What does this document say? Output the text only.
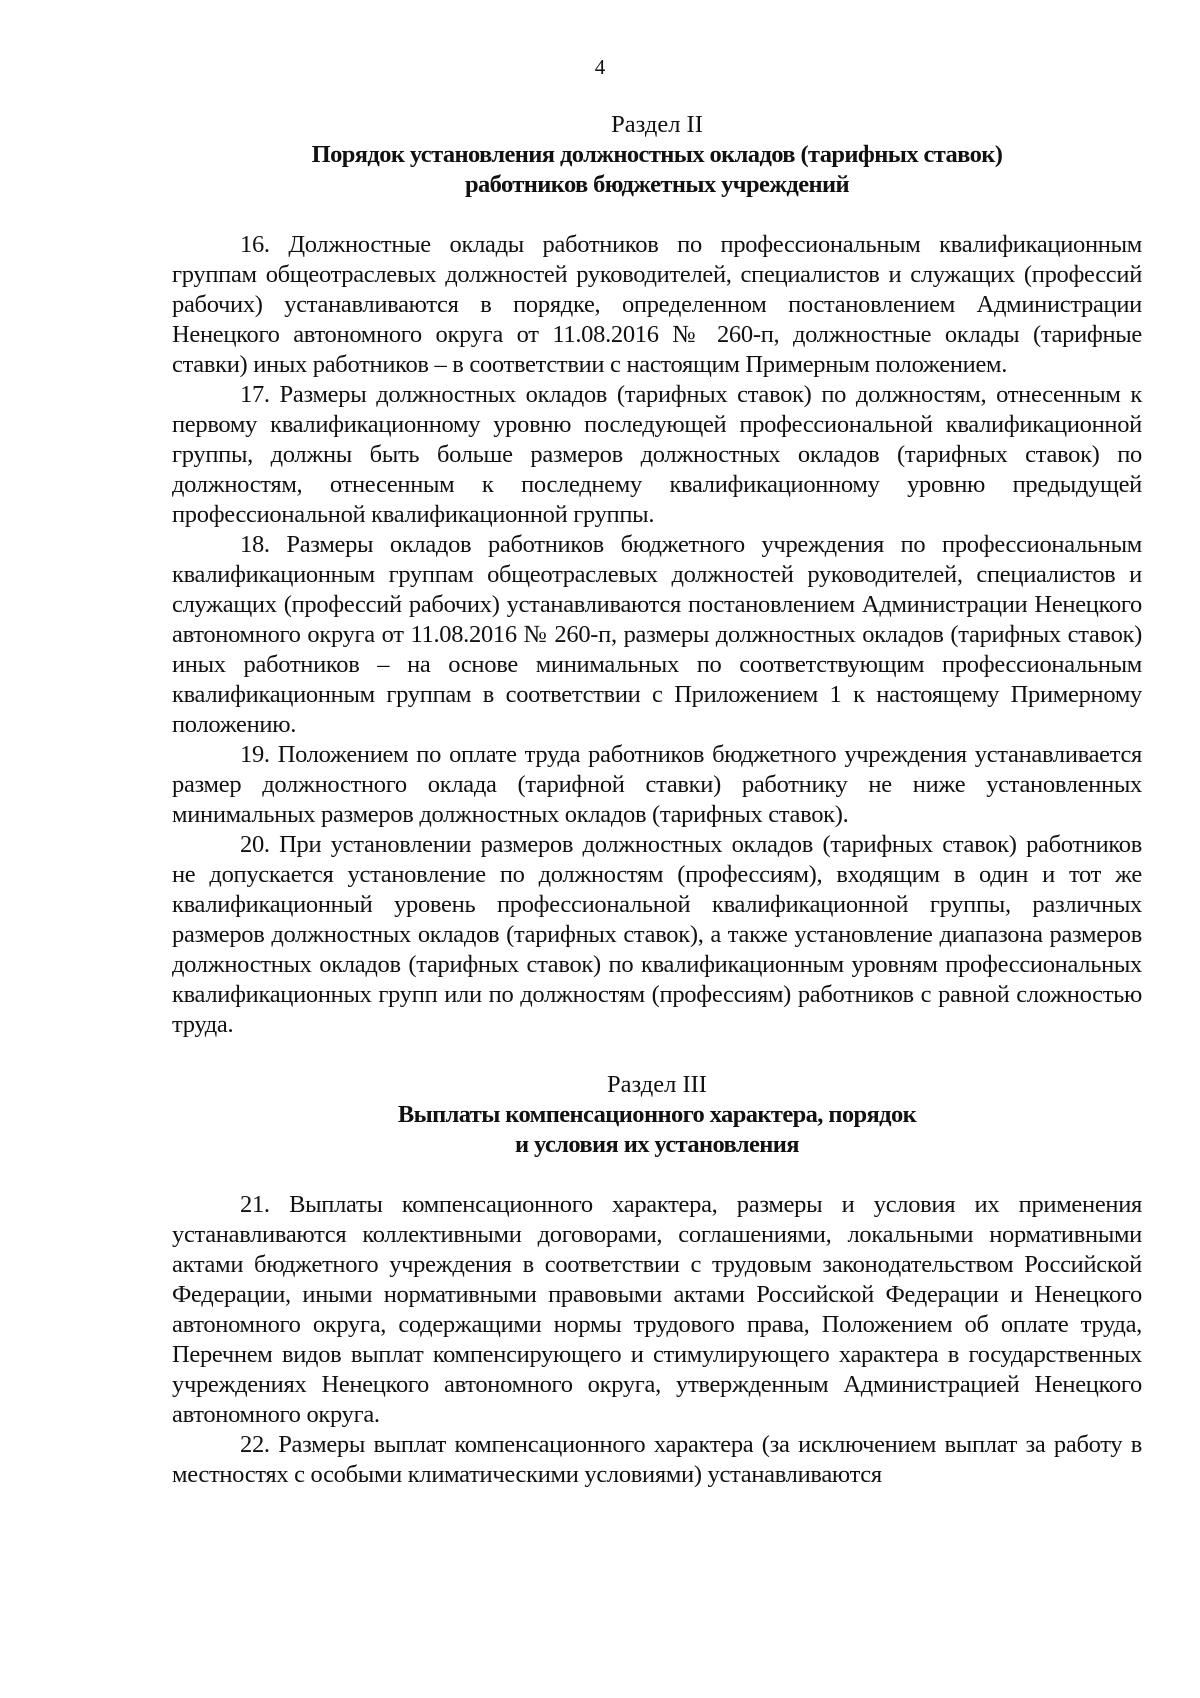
4
Раздел II
Порядок установления должностных окладов (тарифных ставок)
работников бюджетных учреждений

16. Должностные оклады работников по профессиональным квалификационным группам общеотраслевых должностей руководителей, специалистов и служащих (профессий рабочих) устанавливаются в порядке, определенном постановлением Администрации Ненецкого автономного округа от 11.08.2016 № 260-п, должностные оклады (тарифные ставки) иных работников – в соответствии с настоящим Примерным положением.

17. Размеры должностных окладов (тарифных ставок) по должностям, отнесенным к первому квалификационному уровню последующей профессиональной квалификационной группы, должны быть больше размеров должностных окладов (тарифных ставок) по должностям, отнесенным к последнему квалификационному уровню предыдущей профессиональной квалификационной группы.

18. Размеры окладов работников бюджетного учреждения по профессиональным квалификационным группам общеотраслевых должностей руководителей, специалистов и служащих (профессий рабочих) устанавливаются постановлением Администрации Ненецкого автономного округа от 11.08.2016 № 260-п, размеры должностных окладов (тарифных ставок) иных работников – на основе минимальных по соответствующим профессиональным квалификационным группам в соответствии с Приложением 1 к настоящему Примерному положению.

19. Положением по оплате труда работников бюджетного учреждения устанавливается размер должностного оклада (тарифной ставки) работнику не ниже установленных минимальных размеров должностных окладов (тарифных ставок).

20. При установлении размеров должностных окладов (тарифных ставок) работников не допускается установление по должностям (профессиям), входящим в один и тот же квалификационный уровень профессиональной квалификационной группы, различных размеров должностных окладов (тарифных ставок), а также установление диапазона размеров должностных окладов (тарифных ставок) по квалификационным уровням профессиональных квалификационных групп или по должностям (профессиям) работников с равной сложностью труда.

Раздел III
Выплаты компенсационного характера, порядок
и условия их установления

21. Выплаты компенсационного характера, размеры и условия их применения устанавливаются коллективными договорами, соглашениями, локальными нормативными актами бюджетного учреждения в соответствии с трудовым законодательством Российской Федерации, иными нормативными правовыми актами Российской Федерации и Ненецкого автономного округа, содержащими нормы трудового права, Положением об оплате труда, Перечнем видов выплат компенсирующего и стимулирующего характера в государственных учреждениях Ненецкого автономного округа, утвержденным Администрацией Ненецкого автономного округа.

22. Размеры выплат компенсационного характера (за исключением выплат за работу в местностях с особыми климатическими условиями) устанавливаются
